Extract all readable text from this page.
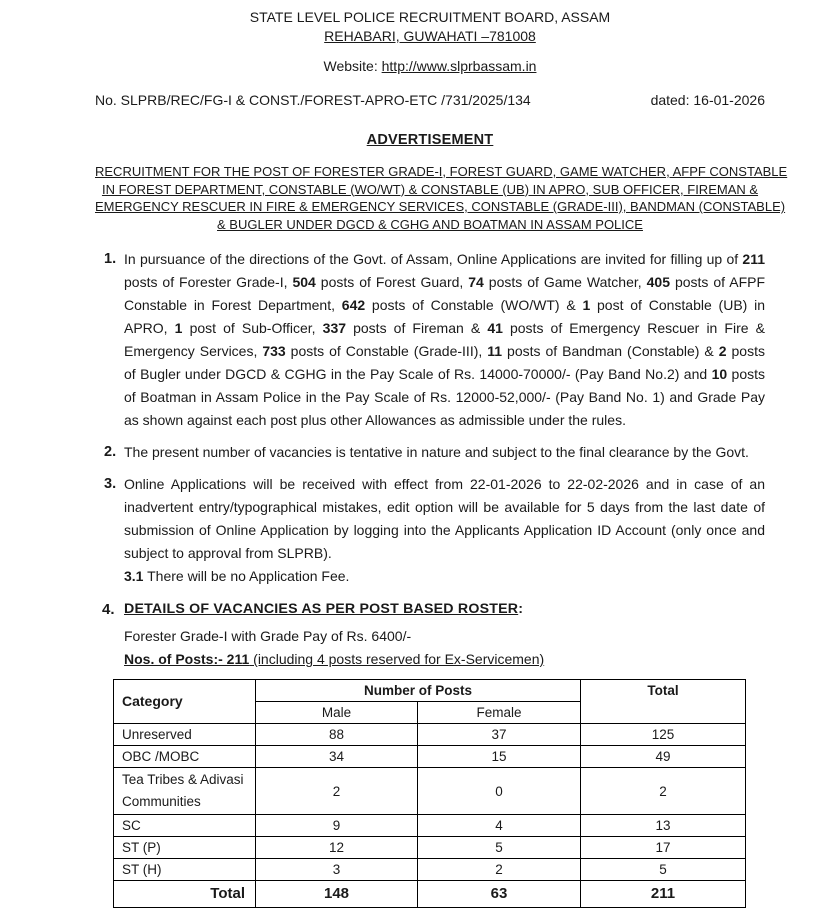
STATE LEVEL POLICE RECRUITMENT BOARD, ASSAM
REHABARI, GUWAHATI –781008
Website: http://www.slprbassam.in
No. SLPRB/REC/FG-I & CONST./FOREST-APRO-ETC /731/2025/134	dated: 16-01-2026
ADVERTISEMENT
RECRUITMENT FOR THE POST OF FORESTER GRADE-I, FOREST GUARD, GAME WATCHER, AFPF CONSTABLE
IN FOREST DEPARTMENT, CONSTABLE (WO/WT) & CONSTABLE (UB) IN APRO, SUB OFFICER, FIREMAN &
EMERGENCY RESCUER IN FIRE & EMERGENCY SERVICES, CONSTABLE (GRADE-III), BANDMAN (CONSTABLE)
& BUGLER UNDER DGCD & CGHG AND BOATMAN IN ASSAM POLICE
1. In pursuance of the directions of the Govt. of Assam, Online Applications are invited for filling up of 211 posts of Forester Grade-I, 504 posts of Forest Guard, 74 posts of Game Watcher, 405 posts of AFPF Constable in Forest Department, 642 posts of Constable (WO/WT) & 1 post of Constable (UB) in APRO, 1 post of Sub-Officer, 337 posts of Fireman & 41 posts of Emergency Rescuer in Fire & Emergency Services, 733 posts of Constable (Grade-III), 11 posts of Bandman (Constable) & 2 posts of Bugler under DGCD & CGHG in the Pay Scale of Rs. 14000-70000/- (Pay Band No.2) and 10 posts of Boatman in Assam Police in the Pay Scale of Rs. 12000-52,000/- (Pay Band No. 1) and Grade Pay as shown against each post plus other Allowances as admissible under the rules.
2. The present number of vacancies is tentative in nature and subject to the final clearance by the Govt.
3. Online Applications will be received with effect from 22-01-2026 to 22-02-2026 and in case of an inadvertent entry/typographical mistakes, edit option will be available for 5 days from the last date of submission of Online Application by logging into the Applicants Application ID Account (only once and subject to approval from SLPRB).
3.1 There will be no Application Fee.
4. DETAILS OF VACANCIES AS PER POST BASED ROSTER:
Forester Grade-I with Grade Pay of Rs. 6400/-
Nos. of Posts:- 211 (including 4 posts reserved for Ex-Servicemen)
Category	Number of Posts		Total
	Male	Female	
Unreserved	88	37	125
OBC /MOBC	34	15	49
Tea Tribes & Adivasi Communities	2	0	2
SC	9	4	13
ST (P)	12	5	17
ST (H)	3	2	5
Total	148	63	211
